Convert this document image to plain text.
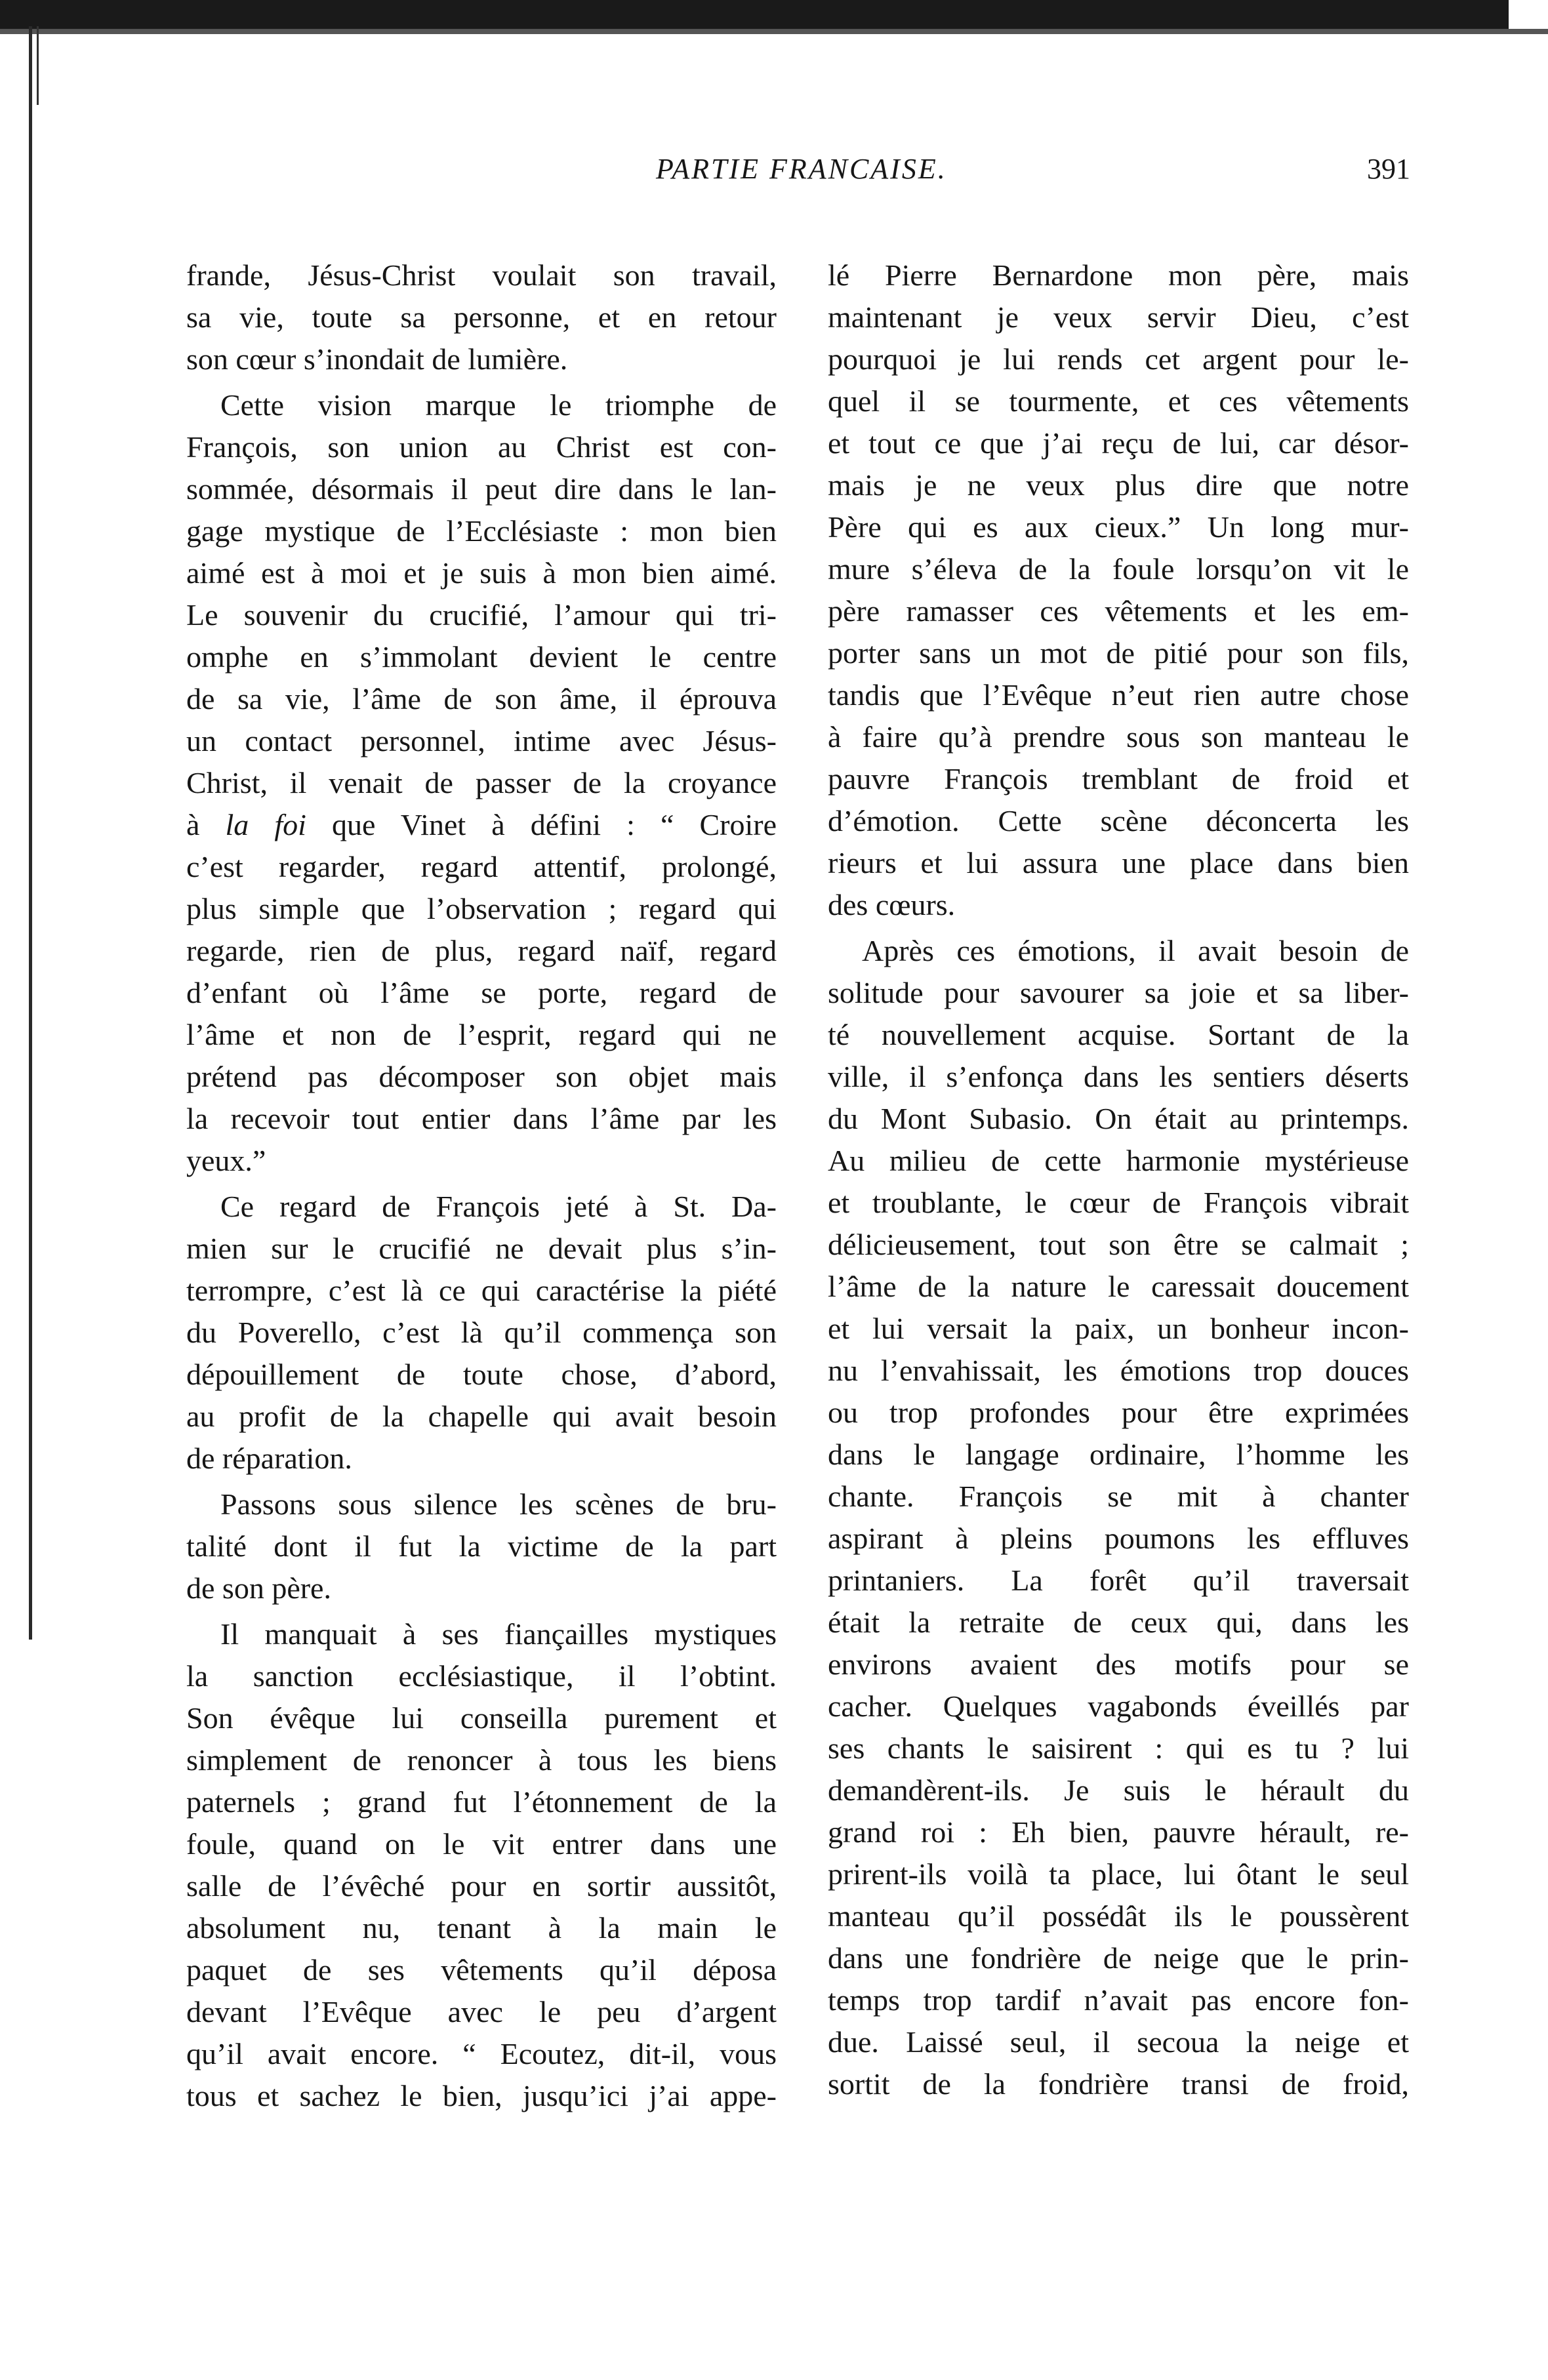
PARTIE FRANCAISE.	391
frande, Jésus-Christ voulait son travail,
sa vie, toute sa personne, et en retour
son cœur s’inondait de lumière.
Cette vision marque le triomphe de
François, son union au Christ est con-
sommée, désormais il peut dire dans le lan-
gage mystique de l’Ecclésiaste : mon bien
aimé est à moi et je suis à mon bien aimé.
Le souvenir du crucifié, l’amour qui tri-
omphe en s’immolant devient le centre
de sa vie, l’âme de son âme, il éprouva
un contact personnel, intime avec Jésus-
Christ, il venait de passer de la croyance
à la foi que Vinet à défini : “ Croire
c’est regarder, regard attentif, prolongé,
plus simple que l’observation ; regard qui
regarde, rien de plus, regard naïf, regard
d’enfant où l’âme se porte, regard de
l’âme et non de l’esprit, regard qui ne
prétend pas décomposer son objet mais
la recevoir tout entier dans l’âme par les
yeux.”
Ce regard de François jeté à St. Da-
mien sur le crucifié ne devait plus s’in-
terrompre, c’est là ce qui caractérise la piété
du Poverello, c’est là qu’il commença son
dépouillement de toute chose, d’abord,
au profit de la chapelle qui avait besoin
de réparation.
Passons sous silence les scènes de bru-
talité dont il fut la victime de la part
de son père.
Il manquait à ses fiançailles mystiques
la sanction ecclésiastique, il l’obtint.
Son évêque lui conseilla purement et
simplement de renoncer à tous les biens
paternels ; grand fut l’étonnement de la
foule, quand on le vit entrer dans une
salle de l’évêché pour en sortir aussitôt,
absolument nu, tenant à la main le
paquet de ses vêtements qu’il déposa
devant l’Evêque avec le peu d’argent
qu’il avait encore. “ Ecoutez, dit-il, vous
tous et sachez le bien, jusqu’ici j’ai appe-
lé Pierre Bernardone mon père, mais
maintenant je veux servir Dieu, c’est
pourquoi je lui rends cet argent pour le-
quel il se tourmente, et ces vêtements
et tout ce que j’ai reçu de lui, car désor-
mais je ne veux plus dire que notre
Père qui es aux cieux.” Un long mur-
mure s’éleva de la foule lorsqu’on vit le
père ramasser ces vêtements et les em-
porter sans un mot de pitié pour son fils,
tandis que l’Evêque n’eut rien autre chose
à faire qu’à prendre sous son manteau le
pauvre François tremblant de froid et
d’émotion. Cette scène déconcerta les
rieurs et lui assura une place dans bien
des cœurs.
Après ces émotions, il avait besoin de
solitude pour savourer sa joie et sa liber-
té nouvellement acquise. Sortant de la
ville, il s’enfonça dans les sentiers déserts
du Mont Subasio. On était au printemps.
Au milieu de cette harmonie mystérieuse
et troublante, le cœur de François vibrait
délicieusement, tout son être se calmait ;
l’âme de la nature le caressait doucement
et lui versait la paix, un bonheur incon-
nu l’envahissait, les émotions trop douces
ou trop profondes pour être exprimées
dans le langage ordinaire, l’homme les
chante. François se mit à chanter
aspirant à pleins poumons les effluves
printaniers. La forêt qu’il traversait
était la retraite de ceux qui, dans les
environs avaient des motifs pour se
cacher. Quelques vagabonds éveillés par
ses chants le saisirent : qui es tu ? lui
demandèrent-ils. Je suis le hérault du
grand roi : Eh bien, pauvre hérault, re-
prirent-ils voilà ta place, lui ôtant le seul
manteau qu’il possédât ils le poussèrent
dans une fondrière de neige que le prin-
temps trop tardif n’avait pas encore fon-
due. Laissé seul, il secoua la neige et
sortit de la fondrière transi de froid,
